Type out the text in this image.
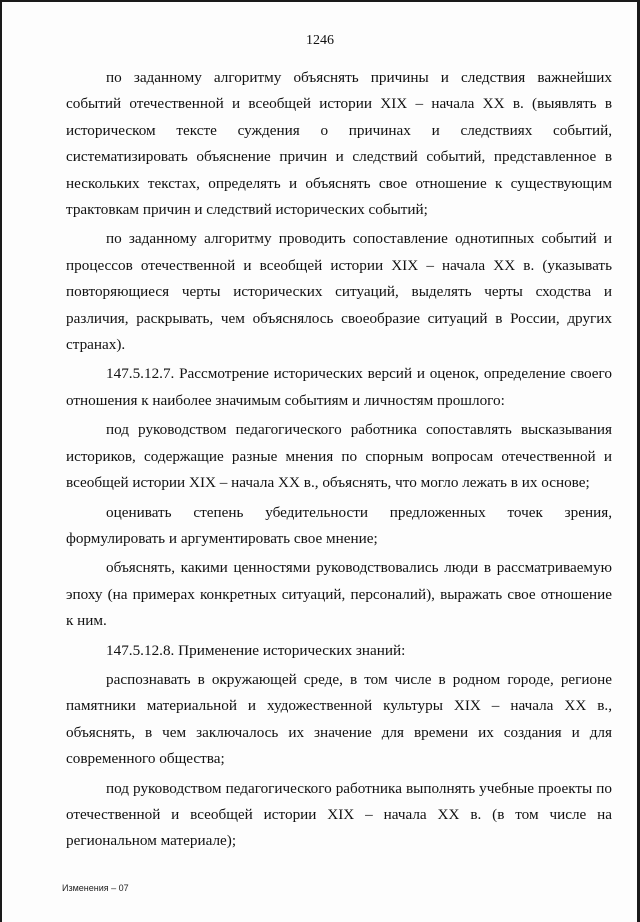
1246

по заданному алгоритму объяснять причины и следствия важнейших событий отечественной и всеобщей истории XIX – начала XX в. (выявлять в историческом тексте суждения о причинах и следствиях событий, систематизировать объяснение причин и следствий событий, представленное в нескольких текстах, определять и объяснять свое отношение к существующим трактовкам причин и следствий исторических событий;

по заданному алгоритму проводить сопоставление однотипных событий и процессов отечественной и всеобщей истории XIX – начала XX в. (указывать повторяющиеся черты исторических ситуаций, выделять черты сходства и различия, раскрывать, чем объяснялось своеобразие ситуаций в России, других странах).

147.5.12.7. Рассмотрение исторических версий и оценок, определение своего отношения к наиболее значимым событиям и личностям прошлого:

под руководством педагогического работника сопоставлять высказывания историков, содержащие разные мнения по спорным вопросам отечественной и всеобщей истории XIX – начала XX в., объяснять, что могло лежать в их основе;

оценивать степень убедительности предложенных точек зрения, формулировать и аргументировать свое мнение;

объяснять, какими ценностями руководствовались люди в рассматриваемую эпоху (на примерах конкретных ситуаций, персоналий), выражать свое отношение к ним.

147.5.12.8. Применение исторических знаний:

распознавать в окружающей среде, в том числе в родном городе, регионе памятники материальной и художественной культуры XIX – начала XX в., объяснять, в чем заключалось их значение для времени их создания и для современного общества;

под руководством педагогического работника выполнять учебные проекты по отечественной и всеобщей истории XIX – начала XX в. (в том числе на региональном материале);

Изменения – 07
